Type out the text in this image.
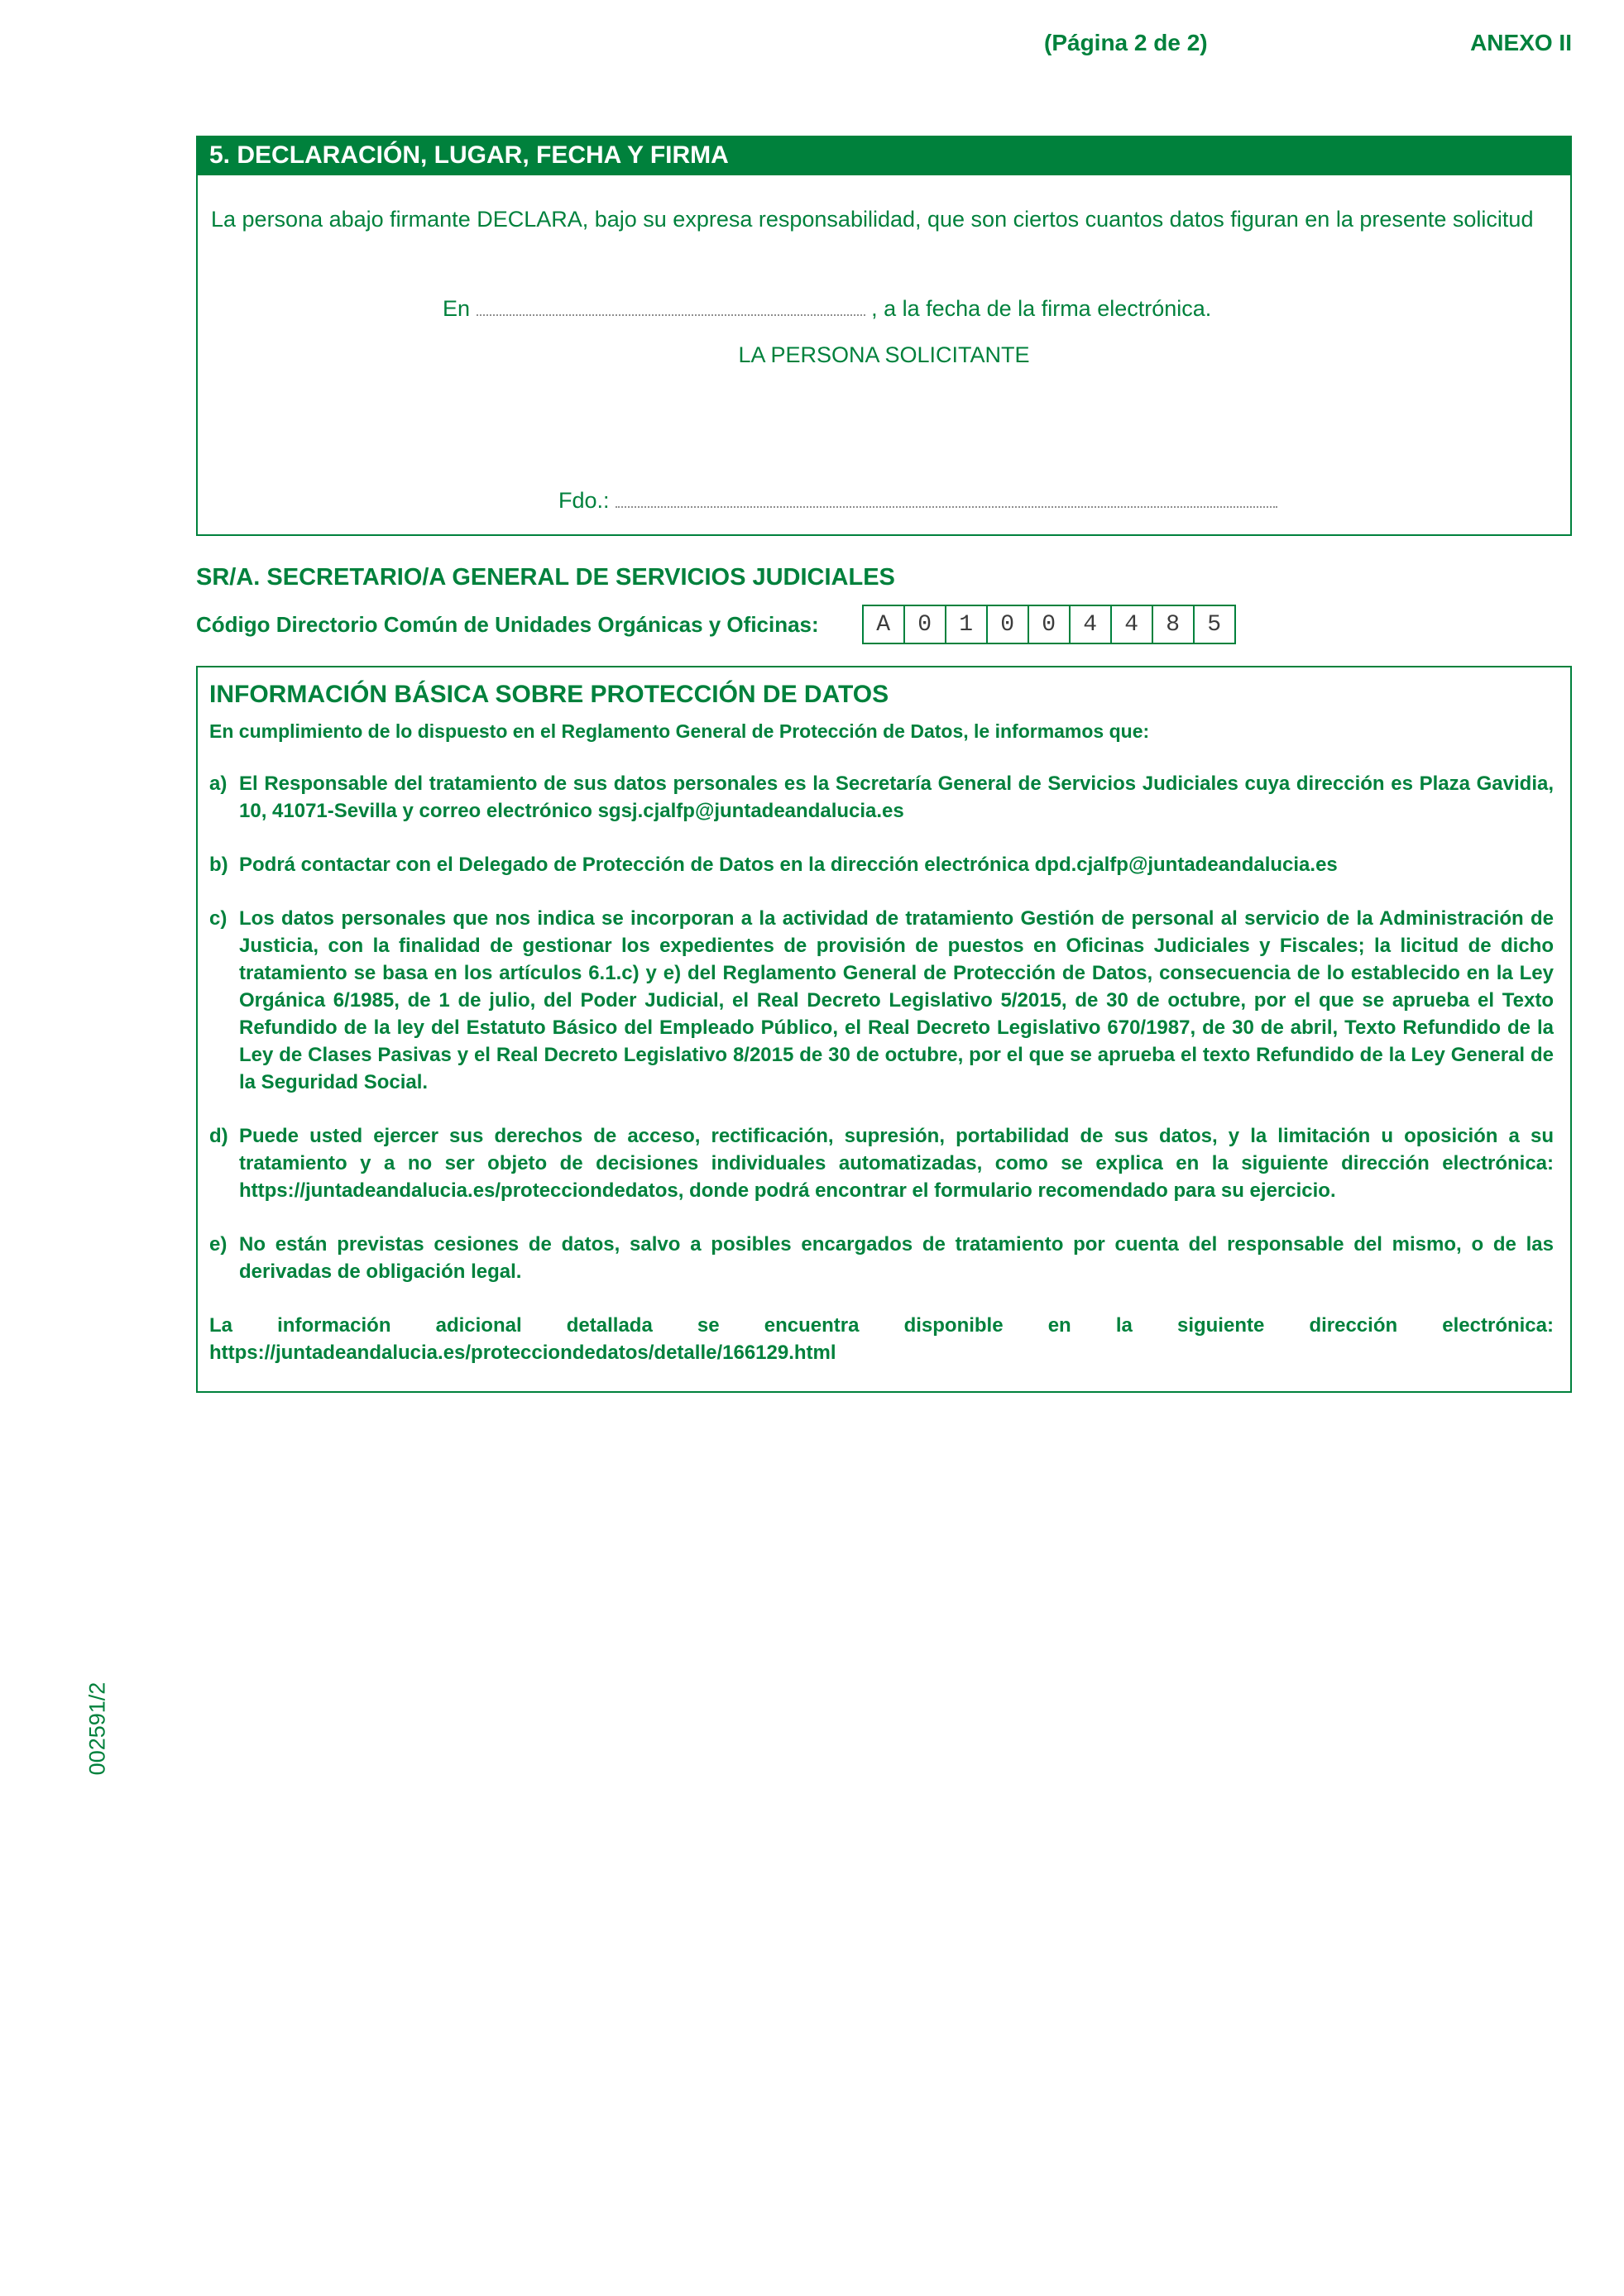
(Página 2 de 2)	ANEXO II
5. DECLARACIÓN, LUGAR, FECHA Y FIRMA

La persona abajo firmante DECLARA, bajo su expresa responsabilidad, que son ciertos cuantos datos figuran en la presente solicitud

En	, a la fecha de la firma electrónica.
LA PERSONA SOLICITANTE
Fdo.:
SR/A. SECRETARIO/A GENERAL DE SERVICIOS JUDICIALES
Código Directorio Común de Unidades Orgánicas y Oficinas:	A	0	1	0	0	4	4	8	5
INFORMACIÓN BÁSICA SOBRE PROTECCIÓN DE DATOS

En cumplimiento de lo dispuesto en el Reglamento General de Protección de Datos, le informamos que:

a) El Responsable del tratamiento de sus datos personales es la Secretaría General de Servicios Judiciales cuya dirección es Plaza Gavidia, 10, 41071-Sevilla y correo electrónico sgsj.cjalfp@juntadeandalucia.es

b) Podrá contactar con el Delegado de Protección de Datos en la dirección electrónica dpd.cjalfp@juntadeandalucia.es

c) Los datos personales que nos indica se incorporan a la actividad de tratamiento Gestión de personal al servicio de la Administración de Justicia, con la finalidad de gestionar los expedientes de provisión de puestos en Oficinas Judiciales y Fiscales; la licitud de dicho tratamiento se basa en los artículos 6.1.c) y e) del Reglamento General de Protección de Datos, consecuencia de lo establecido en la Ley Orgánica 6/1985, de 1 de julio, del Poder Judicial, el Real Decreto Legislativo 5/2015, de 30 de octubre, por el que se aprueba el Texto Refundido de la ley del Estatuto Básico del Empleado Público, el Real Decreto Legislativo 670/1987, de 30 de abril, Texto Refundido de la Ley de Clases Pasivas y el Real Decreto Legislativo 8/2015 de 30 de octubre, por el que se aprueba el texto Refundido de la Ley General de la Seguridad Social.

d) Puede usted ejercer sus derechos de acceso, rectificación, supresión, portabilidad de sus datos, y la limitación u oposición a su tratamiento y a no ser objeto de decisiones individuales automatizadas, como se explica en la siguiente dirección electrónica: https://juntadeandalucia.es/protecciondedatos, donde podrá encontrar el formulario recomendado para su ejercicio.

e) No están previstas cesiones de datos, salvo a posibles encargados de tratamiento por cuenta del responsable del mismo, o de las derivadas de obligación legal.

La información adicional detallada se encuentra disponible en la siguiente dirección electrónica: https://juntadeandalucia.es/protecciondedatos/detalle/166129.html

002591/2
